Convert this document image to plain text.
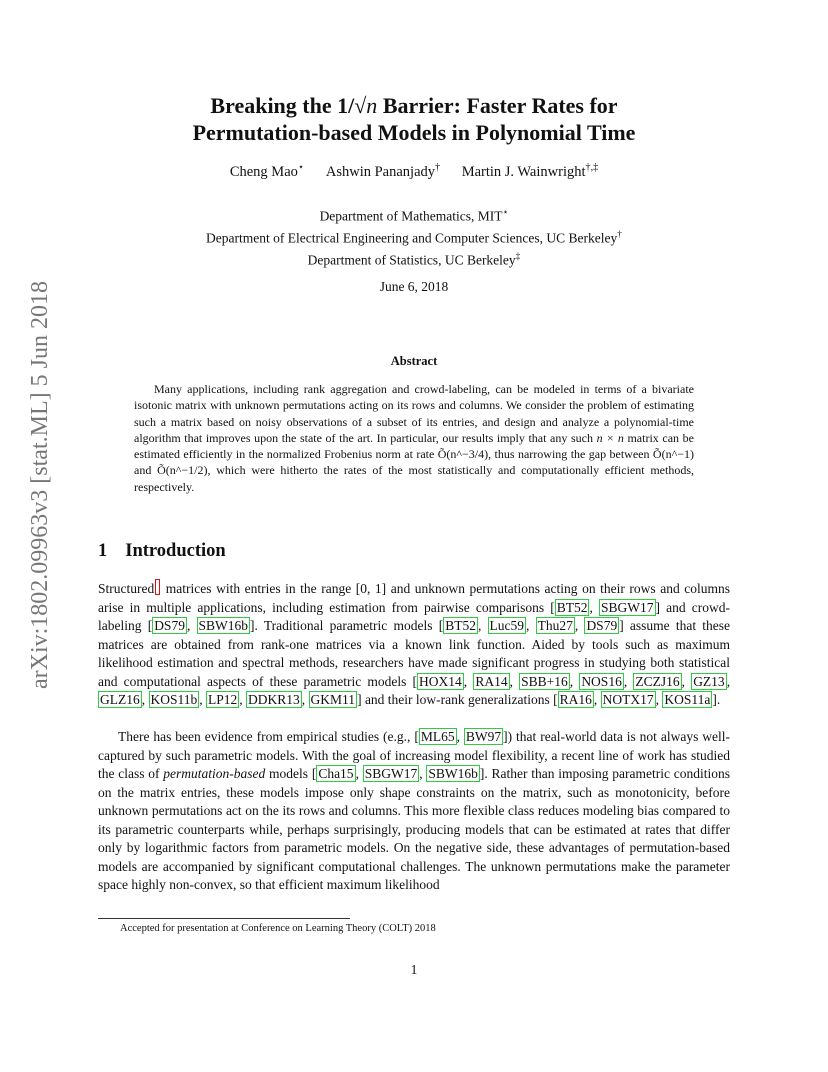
arXiv:1802.09963v3 [stat.ML] 5 Jun 2018
Breaking the 1/√n Barrier: Faster Rates for
Permutation-based Models in Polynomial Time
Cheng Mao⋆ Ashwin Pananjady† Martin J. Wainwright†,‡
Department of Mathematics, MIT⋆
Department of Electrical Engineering and Computer Sciences, UC Berkeley†
Department of Statistics, UC Berkeley‡
June 6, 2018
Abstract
Many applications, including rank aggregation and crowd-labeling, can be modeled in terms of a bivariate isotonic matrix with unknown permutations acting on its rows and columns. We consider the problem of estimating such a matrix based on noisy observations of a subset of its entries, and design and analyze a polynomial-time algorithm that improves upon the state of the art. In particular, our results imply that any such n × n matrix can be estimated efficiently in the normalized Frobenius norm at rate Õ(n^−3/4), thus narrowing the gap between Õ(n^−1) and Õ(n^−1/2), which were hitherto the rates of the most statistically and computationally efficient methods, respectively.
1 Introduction
Structured matrices with entries in the range [0, 1] and unknown permutations acting on their rows and columns arise in multiple applications, including estimation from pairwise comparisons [ BT52 , SBGW17 ] and crowd-labeling [ DS79 , SBW16b ]. Traditional parametric models [ BT52 , Luc59 , Thu27 , DS79 ] assume that these matrices are obtained from rank-one matrices via a known link function. Aided by tools such as maximum likelihood estimation and spectral methods, researchers have made significant progress in studying both statistical and computational aspects of these parametric models [ HOX14 , RA14 , SBB+16 , NOS16 , ZCZJ16 , GZ13 , GLZ16 , KOS11b , LP12 , DDKR13 , GKM11 ] and their low-rank generalizations [ RA16 , NOTX17 , KOS11a ].
There has been evidence from empirical studies (e.g., [ ML65 , BW97 ]) that real-world data is not always well-captured by such parametric models. With the goal of increasing model flexibility, a recent line of work has studied the class of permutation-based models [ Cha15 , SBGW17 , SBW16b ]. Rather than imposing parametric conditions on the matrix entries, these models impose only shape constraints on the matrix, such as monotonicity, before unknown permutations act on the its rows and columns. This more flexible class reduces modeling bias compared to its parametric counterparts while, perhaps surprisingly, producing models that can be estimated at rates that differ only by logarithmic factors from parametric models. On the negative side, these advantages of permutation-based models are accompanied by significant computational challenges. The unknown permutations make the parameter space highly non-convex, so that efficient maximum likelihood
Accepted for presentation at Conference on Learning Theory (COLT) 2018
1
